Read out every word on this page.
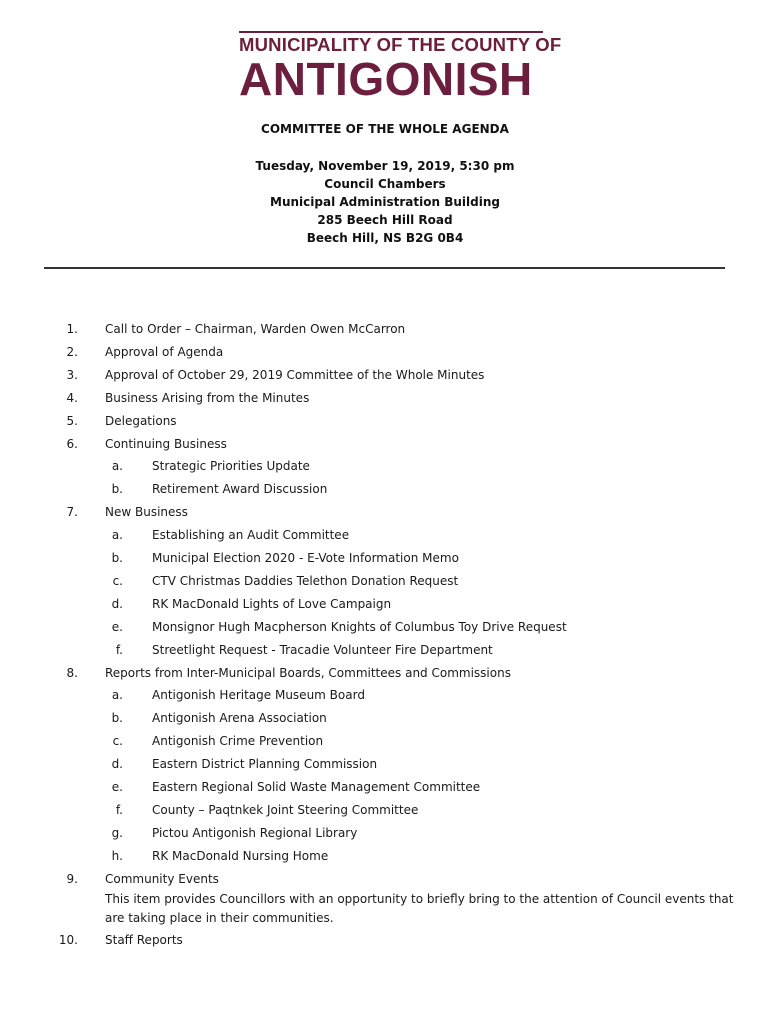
MUNICIPALITY OF THE COUNTY OF
ANTIGONISH
COMMITTEE OF THE WHOLE AGENDA
Tuesday, November 19, 2019, 5:30 pm
Council Chambers
Municipal Administration Building
285 Beech Hill Road
Beech Hill, NS B2G 0B4
1. Call to Order – Chairman, Warden Owen McCarron
2. Approval of Agenda
3. Approval of October 29, 2019 Committee of the Whole Minutes
4. Business Arising from the Minutes
5. Delegations
6. Continuing Business
a. Strategic Priorities Update
b. Retirement Award Discussion
7. New Business
a. Establishing an Audit Committee
b. Municipal Election 2020 - E-Vote Information Memo
c. CTV Christmas Daddies Telethon Donation Request
d. RK MacDonald Lights of Love Campaign
e. Monsignor Hugh Macpherson Knights of Columbus Toy Drive Request
f. Streetlight Request - Tracadie Volunteer Fire Department
8. Reports from Inter-Municipal Boards, Committees and Commissions
a. Antigonish Heritage Museum Board
b. Antigonish Arena Association
c. Antigonish Crime Prevention
d. Eastern District Planning Commission
e. Eastern Regional Solid Waste Management Committee
f. County – Paqtnkek Joint Steering Committee
g. Pictou Antigonish Regional Library
h. RK MacDonald Nursing Home
9. Community Events
This item provides Councillors with an opportunity to briefly bring to the attention of Council events that are taking place in their communities.
10. Staff Reports
